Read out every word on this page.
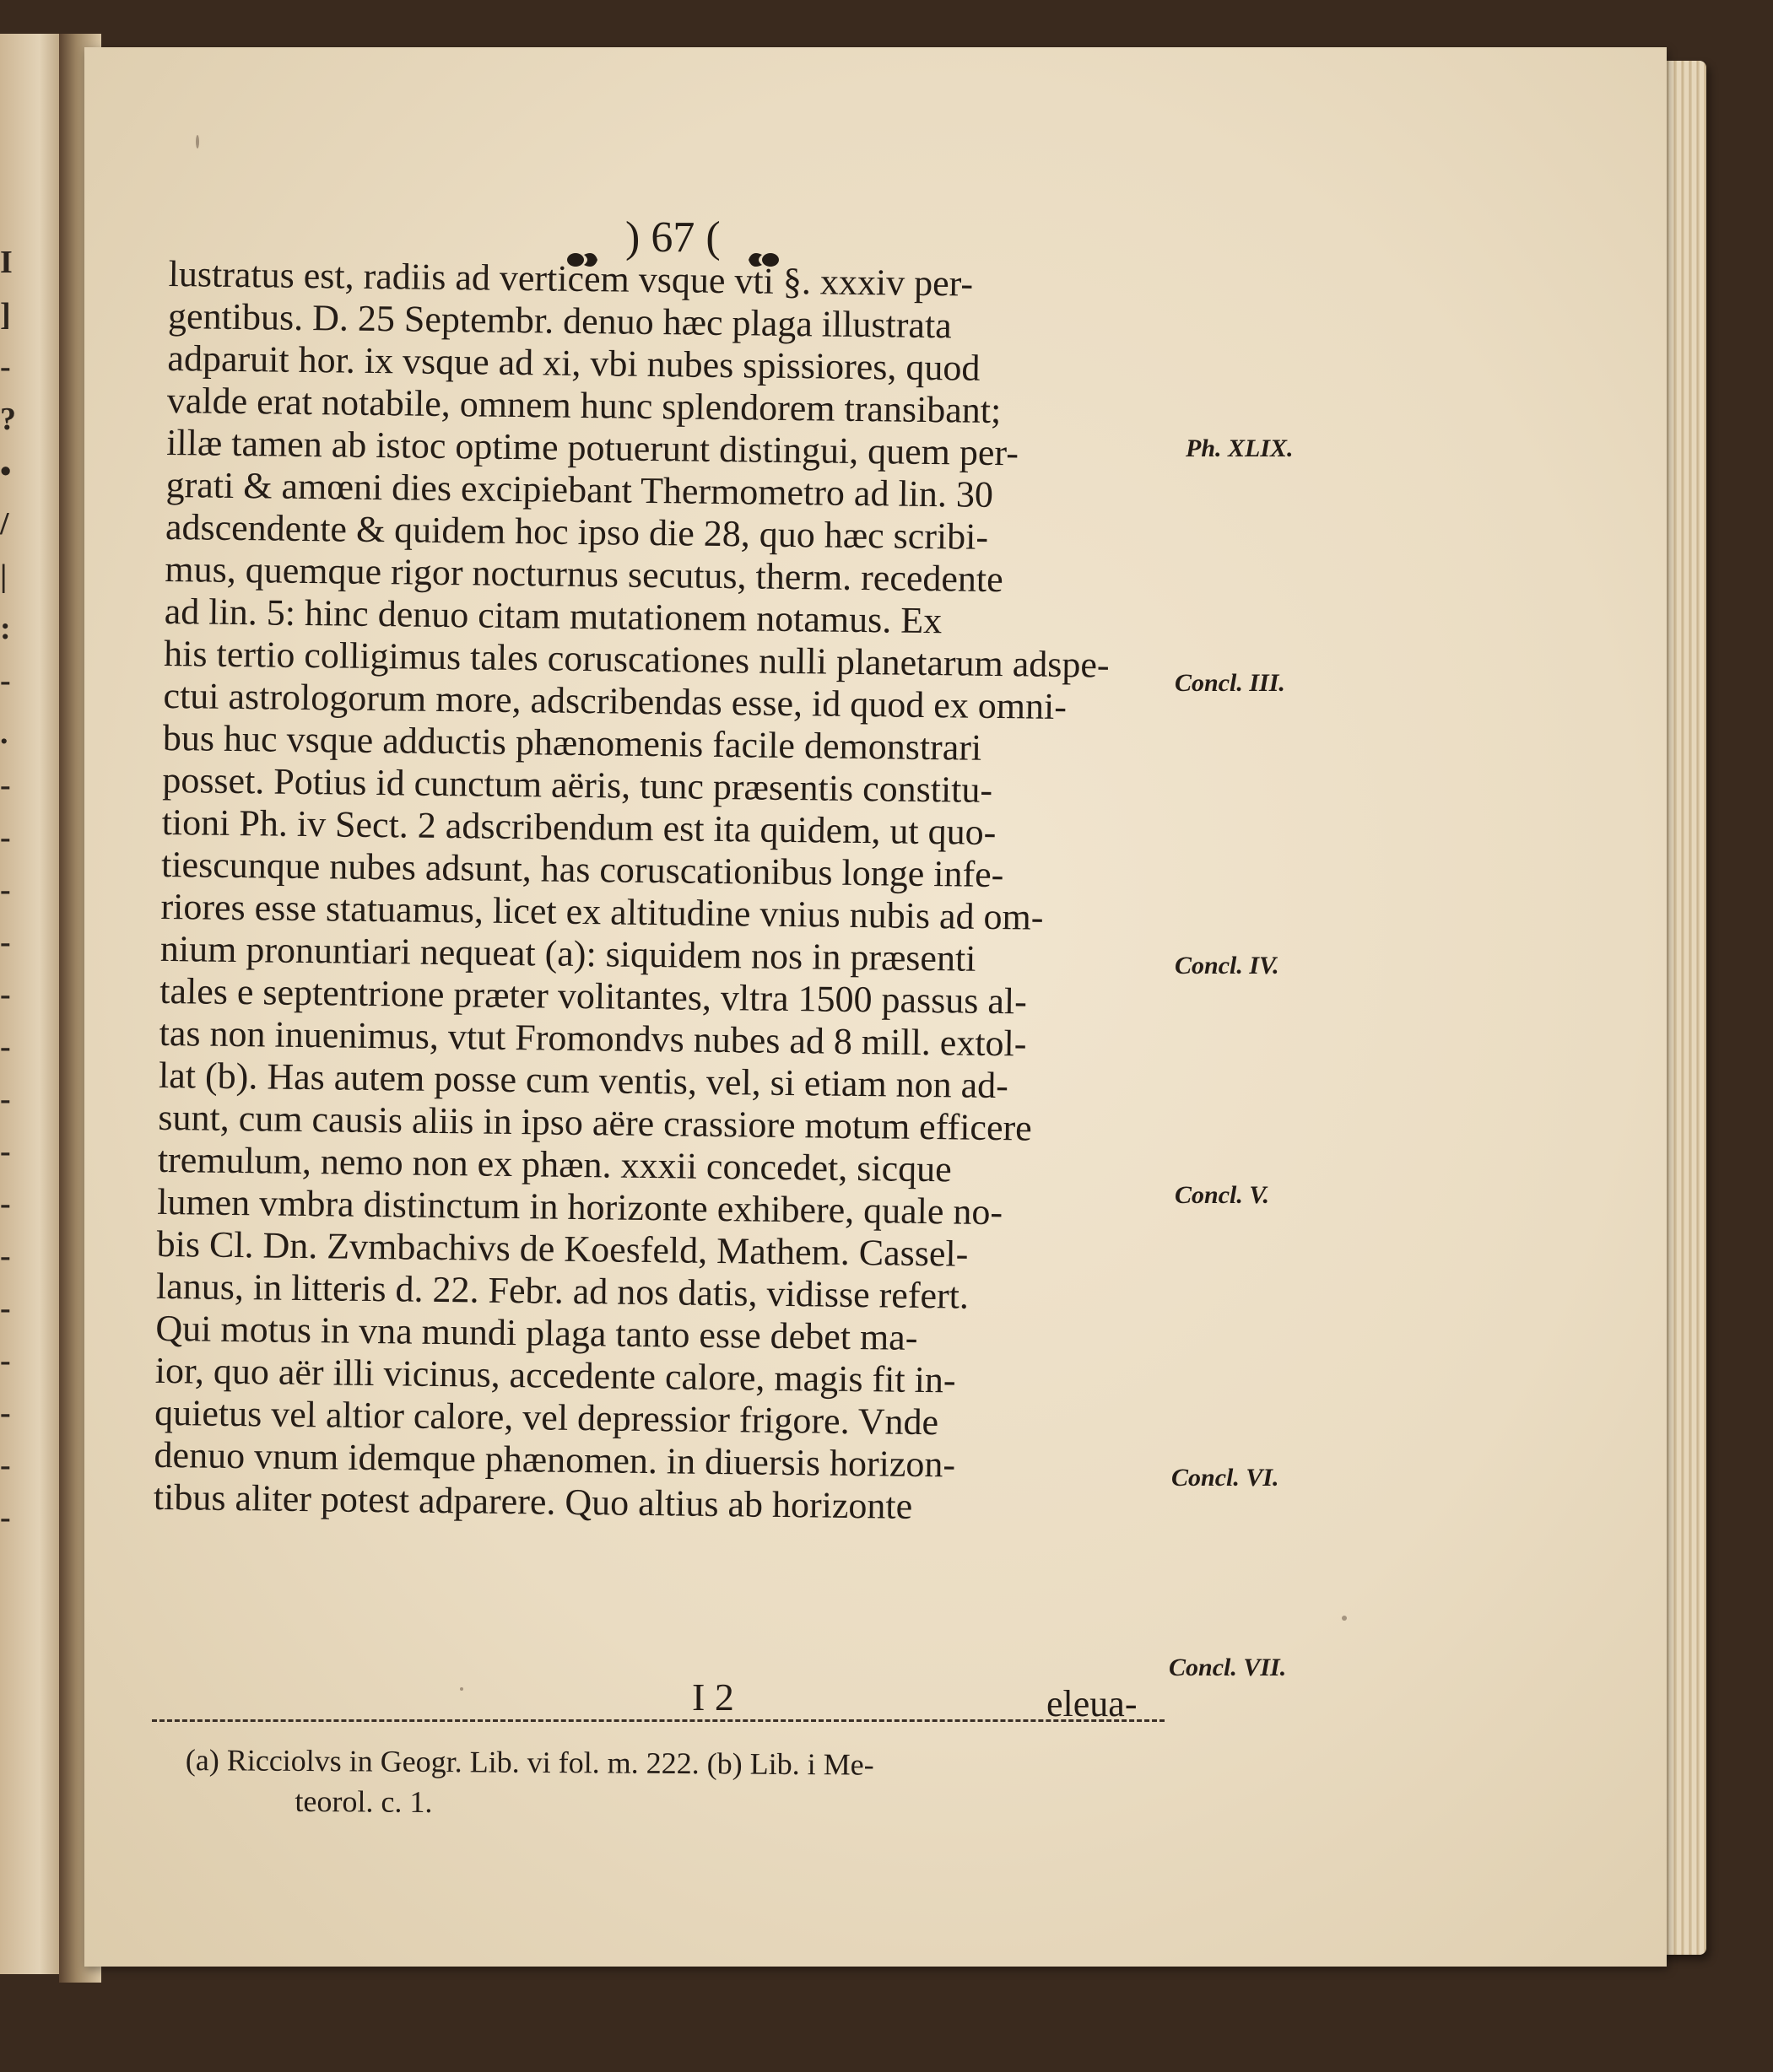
I
]
-
?
•
/
|
:
-
.
-
-
-
-
-
-
-
-
-
-
-
-
-
-
-
) 67 (
lustratus est, radiis ad verticem vsque vti §. xxxiv per-
gentibus. D. 25 Septembr. denuo hæc plaga illustrata
adparuit hor. ix vsque ad xi, vbi nubes spissiores, quod
valde erat notabile, omnem hunc splendorem transibant;
illæ tamen ab istoc optime potuerunt distingui, quem per-
grati & amœni dies excipiebant Thermometro ad lin. 30
adscendente & quidem hoc ipso die 28, quo hæc scribi-
mus, quemque rigor nocturnus secutus, therm. recedente
ad lin. 5: hinc denuo citam mutationem notamus. Ex
his tertio colligimus tales coruscationes nulli planetarum adspe-
ctui astrologorum more, adscribendas esse, id quod ex omni-
bus huc vsque adductis phænomenis facile demonstrari
posset. Potius id cunctum aëris, tunc præsentis constitu-
tioni Ph. iv Sect. 2 adscribendum est ita quidem, ut quo-
tiescunque nubes adsunt, has coruscationibus longe infe-
riores esse statuamus, licet ex altitudine vnius nubis ad om-
nium pronuntiari nequeat (a): siquidem nos in præsenti
tales e septentrione præter volitantes, vltra 1500 passus al-
tas non inuenimus, vtut Fromondvs nubes ad 8 mill. extol-
lat (b). Has autem posse cum ventis, vel, si etiam non ad-
sunt, cum causis aliis in ipso aëre crassiore motum efficere
tremulum, nemo non ex phæn. xxxii concedet, sicque
lumen vmbra distinctum in horizonte exhibere, quale no-
bis Cl. Dn. Zvmbachivs de Koesfeld, Mathem. Cassel-
lanus, in litteris d. 22. Febr. ad nos datis, vidisse refert.
Qui motus in vna mundi plaga tanto esse debet ma-
ior, quo aër illi vicinus, accedente calore, magis fit in-
quietus vel altior calore, vel depressior frigore. Vnde
denuo vnum idemque phænomen. in diuersis horizon-
tibus aliter potest adparere. Quo altius ab horizonte
Ph. XLIX.
Concl. III.
Concl. IV.
Concl. V.
Concl. VI.
Concl. VII.
I 2	eleua-
(a) Ricciolvs in Geogr. Lib. vi fol. m. 222. (b) Lib. i Me-
teorol. c. 1.
